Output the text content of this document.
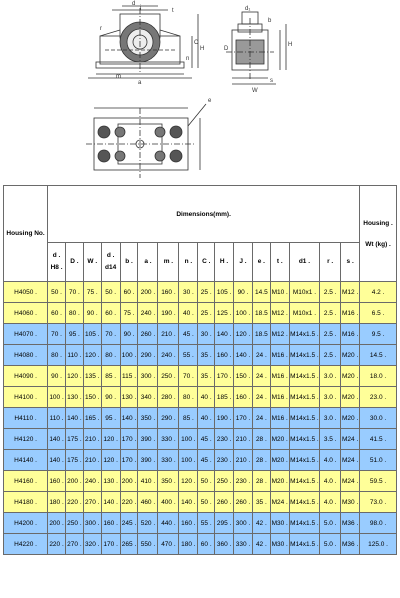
d
j	t
a
C
H
n
m
r
d₁
b
H
D
W
s
e
Housing No.	Dimensions(mm).																Housing .
Wt (kg) .

	d .
H8 .	D .	W .	d .
d14	b .	a .	m .	n .	C .	H .	J .	e .	t .	d1 .	r .	s .	

H4050 .	50 .	70 .	75 .	50 .	60 .	200 .	160 .	30 .	25 .	105 .	90 .	14.5	M10 .	M10x1 .	2.5 .	M12 .	4.2 .
H4060 .	60 .	80 .	90 .	60 .	75 .	240 .	190 .	40 .	25 .	125 .	100 .	18.5	M12 .	M10x1 .	2.5 .	M16 .	6.5 .
H4070 .	70 .	95 .	105 .	70 .	90 .	260 .	210 .	45 .	30 .	140 .	120 .	18.5	M12 .	M14x1.5 .	2.5 .	M16 .	9.5 .
H4080 .	80 .	110 .	120 .	80 .	100 .	290 .	240 .	55 .	35 .	160 .	140 .	24 .	M16 .	M14x1.5 .	2.5 .	M20 .	14.5 .
H4090 .	90 .	120 .	135 .	85 .	115 .	300 .	250 .	70 .	35 .	170 .	150 .	24 .	M16 .	M14x1.5 .	3.0 .	M20 .	18.0 .
H4100 .	100 .	130 .	150 .	90 .	130 .	340 .	280 .	80 .	40 .	185 .	160 .	24 .	M16 .	M14x1.5 .	3.0 .	M20 .	23.0 .
H4110 .	110 .	140 .	165 .	95 .	140 .	350 .	290 .	85 .	40 .	190 .	170 .	24 .	M16 .	M14x1.5 .	3.0 .	M20 .	30.0 .
H4120 .	140 .	175 .	210 .	120 .	170 .	390 .	330 .	100 .	45 .	230 .	210 .	28 .	M20 .	M14x1.5 .	3.5 .	M24 .	41.5 .
H4140 .	140 .	175 .	210 .	120 .	170 .	390 .	330 .	100 .	45 .	230 .	210 .	28 .	M20 .	M14x1.5 .	4.0 .	M24 .	51.0 .
H4160 .	160 .	200 .	240 .	130 .	200 .	410 .	350 .	120 .	50 .	250 .	230 .	28 .	M20 .	M14x1.5 .	4.0 .	M24 .	59.5 .
H4180 .	180 .	220 .	270 .	140 .	220 .	460 .	400 .	140 .	50 .	260 .	260 .	35 .	M24 .	M14x1.5 .	4.0 .	M30 .	73.0 .
H4200 .	200 .	250 .	300 .	160 .	245 .	520 .	440 .	160 .	55 .	295 .	300 .	42 .	M30 .	M14x1.5 .	5.0 .	M36 .	98.0 .
H4220 .	220 .	270 .	320 .	170 .	265 .	550 .	470 .	180 .	60 .	360 .	330 .	42 .	M30 .	M14x1.5 .	5.0 .	M36 .	125.0 .
